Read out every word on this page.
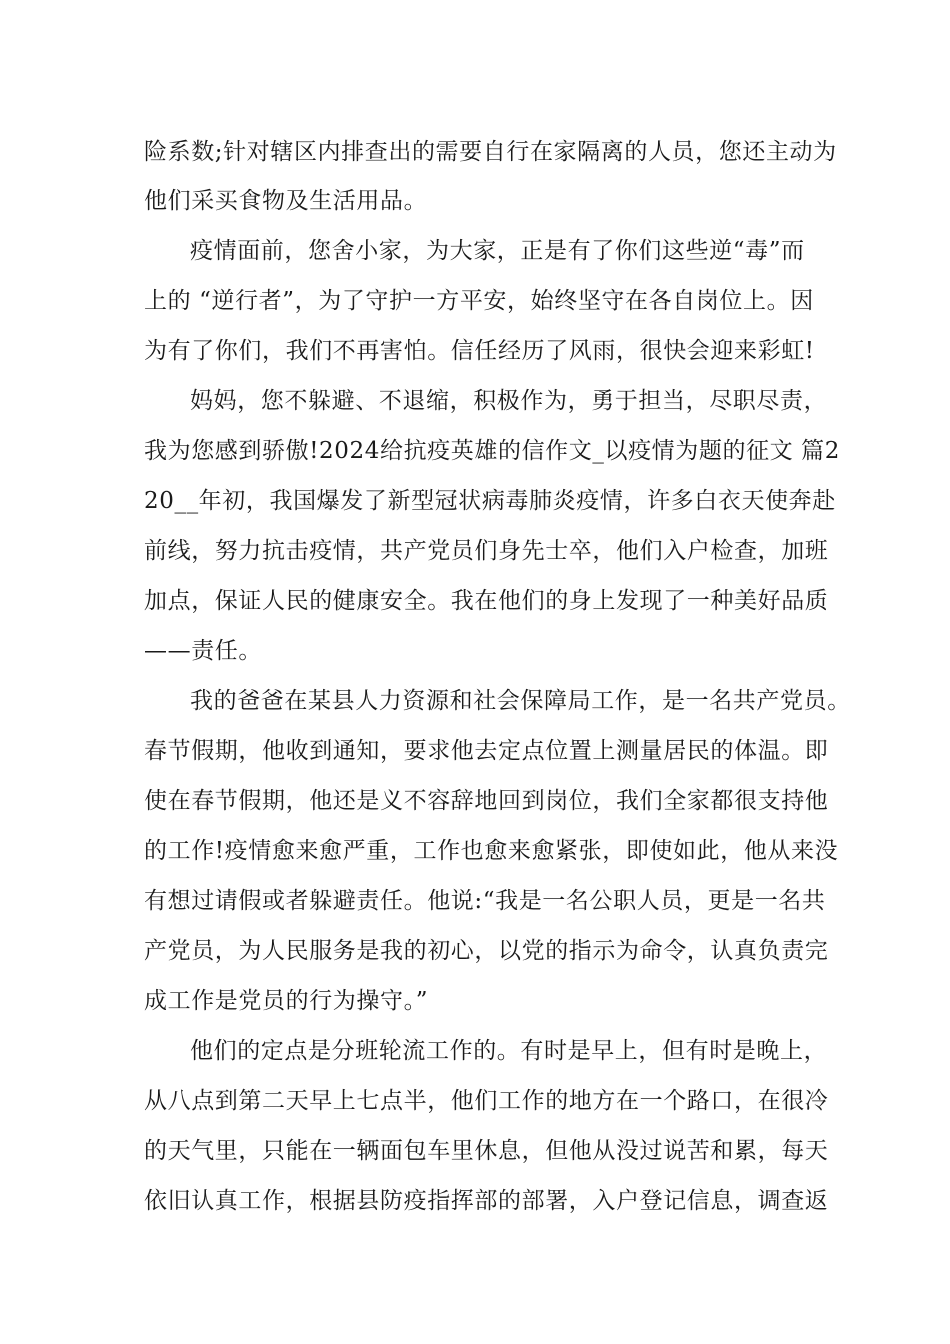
险系数;针对辖区内排查出的需要自行在家隔离的人员，您还主动为
他们采买食物及生活用品。
疫情面前，您舍小家，为大家，正是有了你们这些逆“毒”而
上的 “逆行者”，为了守护一方平安，始终坚守在各自岗位上。因
为有了你们，我们不再害怕。信任经历了风雨，很快会迎来彩虹!
妈妈，您不躲避、不退缩，积极作为，勇于担当，尽职尽责，
我为您感到骄傲!2024给抗疫英雄的信作文_以疫情为题的征文 篇2
20__年初，我国爆发了新型冠状病毒肺炎疫情，许多白衣天使奔赴
前线，努力抗击疫情，共产党员们身先士卒，他们入户检查，加班
加点，保证人民的健康安全。我在他们的身上发现了一种美好品质
——责任。
我的爸爸在某县人力资源和社会保障局工作，是一名共产党员。
春节假期，他收到通知，要求他去定点位置上测量居民的体温。即
使在春节假期，他还是义不容辞地回到岗位，我们全家都很支持他
的工作!疫情愈来愈严重，工作也愈来愈紧张，即使如此，他从来没
有想过请假或者躲避责任。他说:“我是一名公职人员，更是一名共
产党员，为人民服务是我的初心，以党的指示为命令，认真负责完
成工作是党员的行为操守。”
他们的定点是分班轮流工作的。有时是早上，但有时是晚上，
从八点到第二天早上七点半，他们工作的地方在一个路口，在很冷
的天气里，只能在一辆面包车里休息，但他从没过说苦和累，每天
依旧认真工作，根据县防疫指挥部的部署，入户登记信息，调查返
